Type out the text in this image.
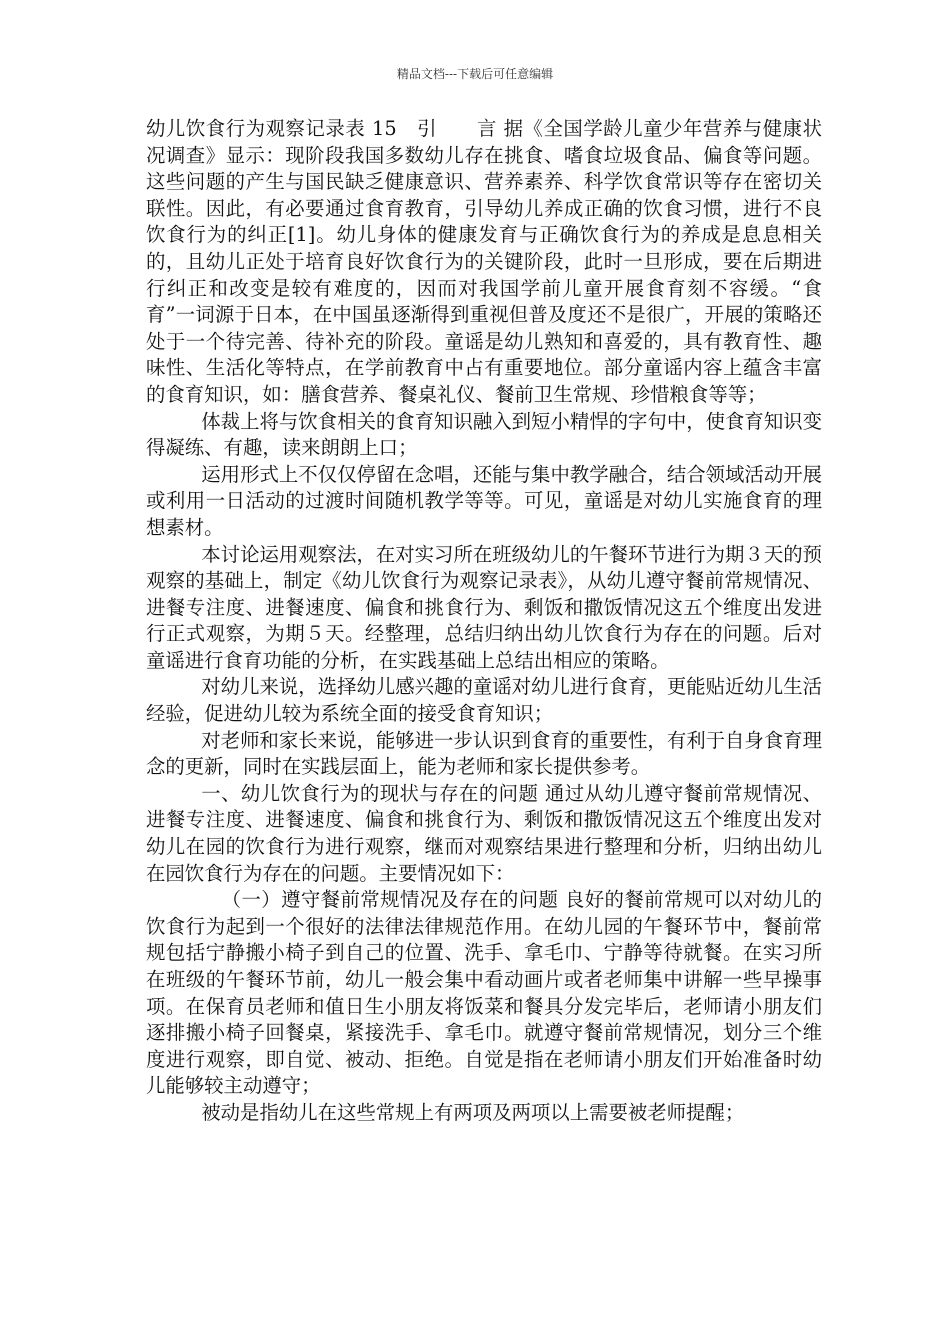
精品文档---下载后可任意编辑

幼儿饮食行为观察记录表 15　引　　言 据《全国学龄儿童少年营养与健康状况调查》显示：现阶段我国多数幼儿存在挑食、嗜食垃圾食品、偏食等问题。这些问题的产生与国民缺乏健康意识、营养素养、科学饮食常识等存在密切关联性。因此，有必要通过食育教育，引导幼儿养成正确的饮食习惯，进行不良饮食行为的纠正[1]。幼儿身体的健康发育与正确饮食行为的养成是息息相关的，且幼儿正处于培育良好饮食行为的关键阶段，此时一旦形成，要在后期进行纠正和改变是较有难度的，因而对我国学前儿童开展食育刻不容缓。“食育”一词源于日本，在中国虽逐渐得到重视但普及度还不是很广，开展的策略还处于一个待完善、待补充的阶段。童谣是幼儿熟知和喜爱的，具有教育性、趣味性、生活化等特点，在学前教育中占有重要地位。部分童谣内容上蕴含丰富的食育知识，如：膳食营养、餐桌礼仪、餐前卫生常规、珍惜粮食等等；

体裁上将与饮食相关的食育知识融入到短小精悍的字句中，使食育知识变得凝练、有趣，读来朗朗上口；

运用形式上不仅仅停留在念唱，还能与集中教学融合，结合领域活动开展或利用一日活动的过渡时间随机教学等等。可见，童谣是对幼儿实施食育的理想素材。

本讨论运用观察法，在对实习所在班级幼儿的午餐环节进行为期３天的预观察的基础上，制定《幼儿饮食行为观察记录表》，从幼儿遵守餐前常规情况、进餐专注度、进餐速度、偏食和挑食行为、剩饭和撒饭情况这五个维度出发进行正式观察，为期５天。经整理，总结归纳出幼儿饮食行为存在的问题。后对童谣进行食育功能的分析，在实践基础上总结出相应的策略。

对幼儿来说，选择幼儿感兴趣的童谣对幼儿进行食育，更能贴近幼儿生活经验，促进幼儿较为系统全面的接受食育知识；

对老师和家长来说，能够进一步认识到食育的重要性，有利于自身食育理念的更新，同时在实践层面上，能为老师和家长提供参考。

一、幼儿饮食行为的现状与存在的问题 通过从幼儿遵守餐前常规情况、进餐专注度、进餐速度、偏食和挑食行为、剩饭和撒饭情况这五个维度出发对幼儿在园的饮食行为进行观察，继而对观察结果进行整理和分析，归纳出幼儿在园饮食行为存在的问题。主要情况如下：

（一）遵守餐前常规情况及存在的问题 良好的餐前常规可以对幼儿的饮食行为起到一个很好的法律法律规范作用。在幼儿园的午餐环节中，餐前常规包括宁静搬小椅子到自己的位置、洗手、拿毛巾、宁静等待就餐。在实习所在班级的午餐环节前，幼儿一般会集中看动画片或者老师集中讲解一些早操事项。在保育员老师和值日生小朋友将饭菜和餐具分发完毕后，老师请小朋友们逐排搬小椅子回餐桌，紧接洗手、拿毛巾。就遵守餐前常规情况，划分三个维度进行观察，即自觉、被动、拒绝。自觉是指在老师请小朋友们开始准备时幼儿能够较主动遵守；

被动是指幼儿在这些常规上有两项及两项以上需要被老师提醒；
